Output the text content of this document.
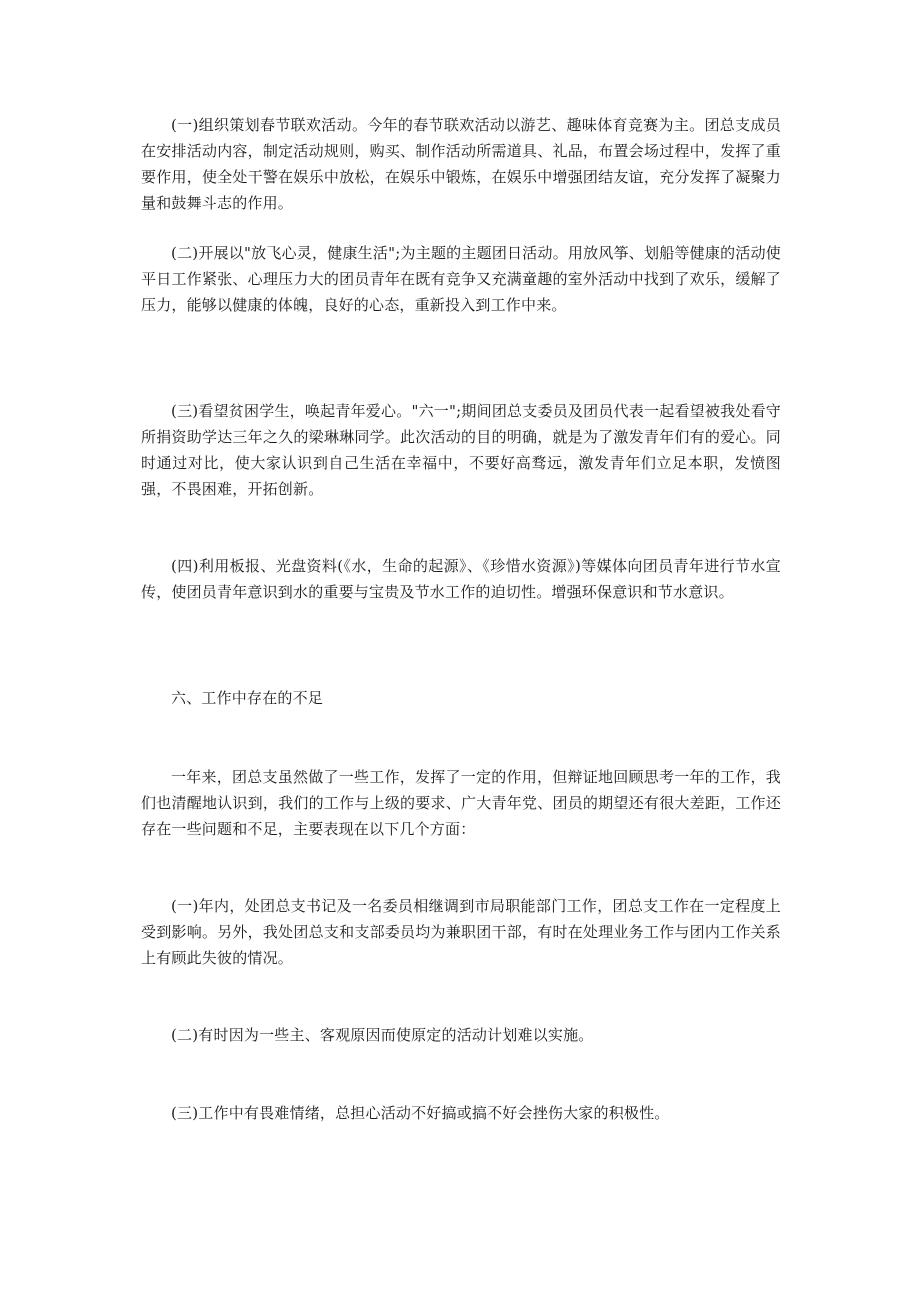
(一)组织策划春节联欢活动。今年的春节联欢活动以游艺、趣味体育竞赛为主。团总支成员在安排活动内容，制定活动规则，购买、制作活动所需道具、礼品，布置会场过程中，发挥了重要作用，使全处干警在娱乐中放松，在娱乐中锻炼，在娱乐中增强团结友谊，充分发挥了凝聚力量和鼓舞斗志的作用。

(二)开展以"放飞心灵，健康生活";为主题的主题团日活动。用放风筝、划船等健康的活动使平日工作紧张、心理压力大的团员青年在既有竞争又充满童趣的室外活动中找到了欢乐，缓解了压力，能够以健康的体魄，良好的心态，重新投入到工作中来。

(三)看望贫困学生，唤起青年爱心。"六一";期间团总支委员及团员代表一起看望被我处看守所捐资助学达三年之久的梁琳琳同学。此次活动的目的明确，就是为了激发青年们有的爱心。同时通过对比，使大家认识到自己生活在幸福中，不要好高骛远，激发青年们立足本职，发愤图强，不畏困难，开拓创新。

(四)利用板报、光盘资料(《水，生命的起源》、《珍惜水资源》)等媒体向团员青年进行节水宣传，使团员青年意识到水的重要与宝贵及节水工作的迫切性。增强环保意识和节水意识。

六、工作中存在的不足

一年来，团总支虽然做了一些工作，发挥了一定的作用，但辩证地回顾思考一年的工作，我们也清醒地认识到，我们的工作与上级的要求、广大青年党、团员的期望还有很大差距，工作还存在一些问题和不足，主要表现在以下几个方面：

(一)年内，处团总支书记及一名委员相继调到市局职能部门工作，团总支工作在一定程度上受到影响。另外，我处团总支和支部委员均为兼职团干部，有时在处理业务工作与团内工作关系上有顾此失彼的情况。

(二)有时因为一些主、客观原因而使原定的活动计划难以实施。

(三)工作中有畏难情绪，总担心活动不好搞或搞不好会挫伤大家的积极性。
